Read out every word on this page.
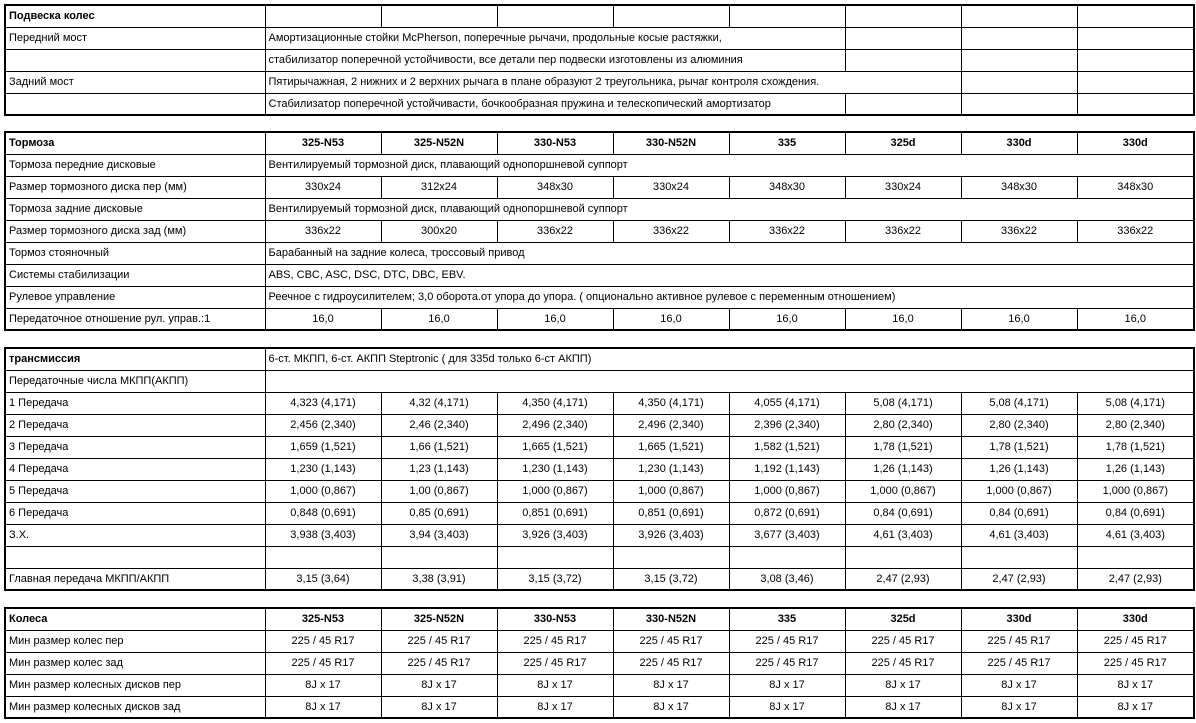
Подвеска колес								
Передний мост	Амортизационные стойки McPherson, поперечные рычачи, продольные косые растяжки,							
	стабилизатор поперечной устойчивости, все детали пер подвески изготовлены из алюминия							
Задний мост	Пятирычажная, 2 нижних и 2 верхних рычага в плане образуют 2 треугольника, рычаг контроля схождения.							
	Стабилизатор поперечной устойчивасти, бочкообразная пружина и телескопический амортизатор							
Тормоза	325-N53	325-N52N	330-N53	330-N52N	335	325d	330d	330d
Тормоза передние дисковые	Вентилируемый тормозной диск, плавающий однопоршневой суппорт							
Размер тормозного диска пер (мм)	330x24	312x24	348x30	330x24	348x30	330x24	348x30	348x30
Тормоза задние дисковые	Вентилируемый тормозной диск, плавающий однопоршневой суппорт							
Размер тормозного диска зад (мм)	336x22	300x20	336x22	336x22	336x22	336x22	336x22	336x22
Тормоз стояночный	Барабанный на задние колеса, троссовый привод							
Системы стабилизации	ABS, CBC, ASC, DSC, DTC, DBC, EBV.							
Рулевое управление	Реечное с гидроусилителем; 3,0 оборота.от упора до упора. ( опционально активное рулевое с переменным отношением)							
Передаточное отношение рул. управ.:1	16,0	16,0	16,0	16,0	16,0	16,0	16,0	16,0
трансмиссия	6-ст. МКПП, 6-ст. АКПП Steptronic ( для 335d только 6-ст АКПП)							
Передаточные числа МКПП(АКПП)								
1 Передача	4,323 (4,171)	4,32 (4,171)	4,350 (4,171)	4,350 (4,171)	4,055 (4,171)	5,08 (4,171)	5,08 (4,171)	5,08 (4,171)
2 Передача	2,456 (2,340)	2,46 (2,340)	2,496 (2,340)	2,496 (2,340)	2,396 (2,340)	2,80 (2,340)	2,80 (2,340)	2,80 (2,340)
3 Передача	1,659 (1,521)	1,66 (1,521)	1,665 (1,521)	1,665 (1,521)	1,582 (1,521)	1,78 (1,521)	1,78 (1,521)	1,78 (1,521)
4 Передача	1,230 (1,143)	1,23 (1,143)	1,230 (1,143)	1,230 (1,143)	1,192 (1,143)	1,26 (1,143)	1,26 (1,143)	1,26 (1,143)
5 Передача	1,000 (0,867)	1,00 (0,867)	1,000 (0,867)	1,000 (0,867)	1,000 (0,867)	1,000 (0,867)	1,000 (0,867)	1,000 (0,867)
6 Передача	0,848 (0,691)	0,85 (0,691)	0,851 (0,691)	0,851 (0,691)	0,872 (0,691)	0,84 (0,691)	0,84 (0,691)	0,84 (0,691)
З.Х.	3,938 (3,403)	3,94 (3,403)	3,926 (3,403)	3,926 (3,403)	3,677 (3,403)	4,61 (3,403)	4,61 (3,403)	4,61 (3,403)

Главная передача МКПП/АКПП	3,15 (3,64)	3,38 (3,91)	3,15 (3,72)	3,15 (3,72)	3,08 (3,46)	2,47 (2,93)	2,47 (2,93)	2,47 (2,93)
Колеса	325-N53	325-N52N	330-N53	330-N52N	335	325d	330d	330d
Мин размер колес пер	225 / 45 R17	225 / 45 R17	225 / 45 R17	225 / 45 R17	225 / 45 R17	225 / 45 R17	225 / 45 R17	225 / 45 R17
Мин размер колес зад	225 / 45 R17	225 / 45 R17	225 / 45 R17	225 / 45 R17	225 / 45 R17	225 / 45 R17	225 / 45 R17	225 / 45 R17
Мин размер колесных дисков пер	8J x 17	8J x 17	8J x 17	8J x 17	8J x 17	8J x 17	8J x 17	8J x 17
Мин размер колесных дисков зад	8J x 17	8J x 17	8J x 17	8J x 17	8J x 17	8J x 17	8J x 17	8J x 17
